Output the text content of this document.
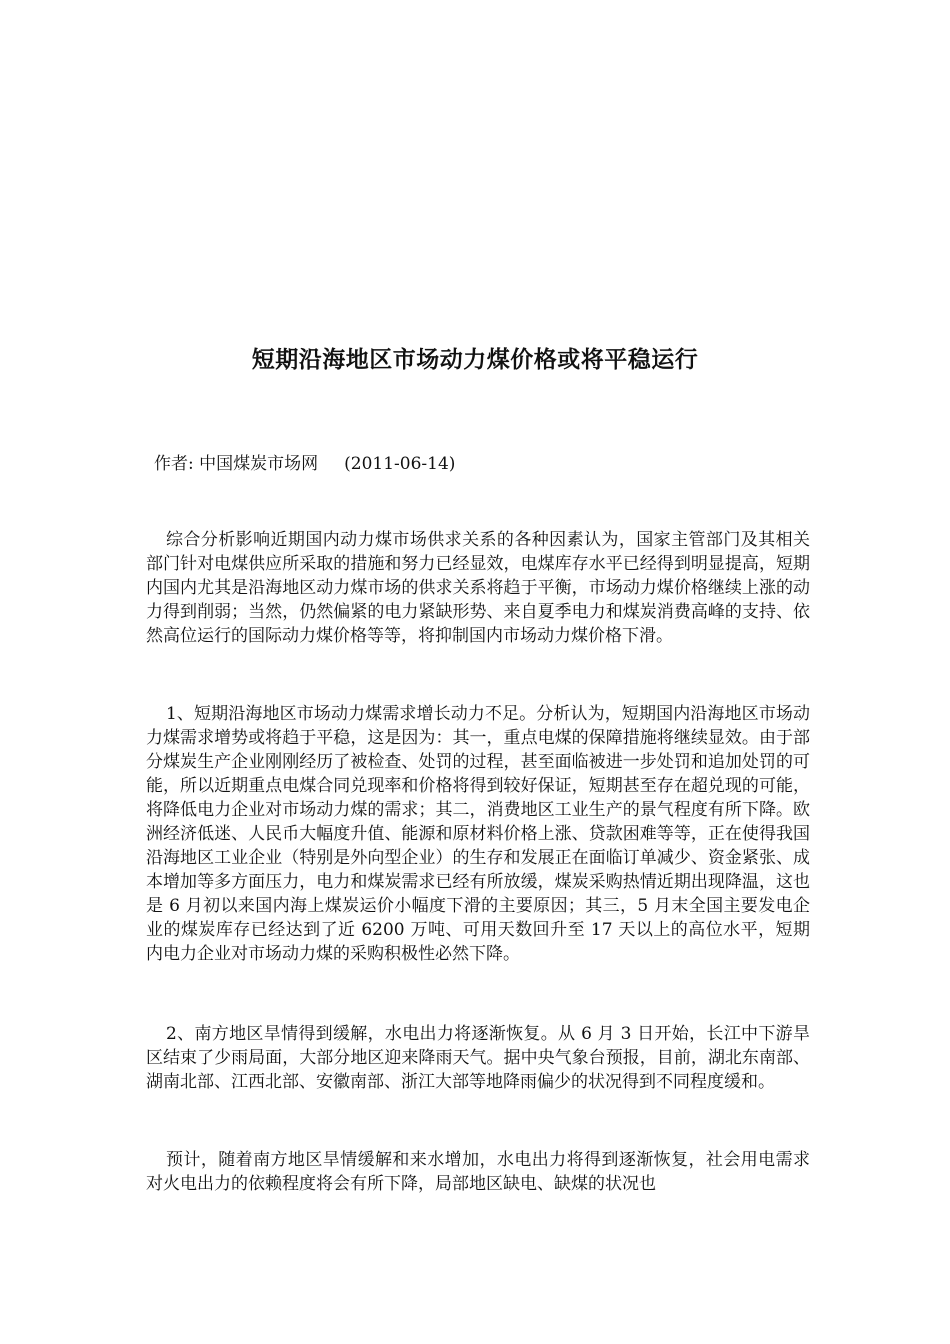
短期沿海地区市场动力煤价格或将平稳运行
作者: 中国煤炭市场网 (2011-06-14)

综合分析影响近期国内动力煤市场供求关系的各种因素认为，国家主管部门及其相关部门针对电煤供应所采取的措施和努力已经显效，电煤库存水平已经得到明显提高，短期内国内尤其是沿海地区动力煤市场的供求关系将趋于平衡，市场动力煤价格继续上涨的动力得到削弱；当然，仍然偏紧的电力紧缺形势、来自夏季电力和煤炭消费高峰的支持、依然高位运行的国际动力煤价格等等，将抑制国内市场动力煤价格下滑。

1、短期沿海地区市场动力煤需求增长动力不足。分析认为，短期国内沿海地区市场动力煤需求增势或将趋于平稳，这是因为：其一，重点电煤的保障措施将继续显效。由于部分煤炭生产企业刚刚经历了被检查、处罚的过程，甚至面临被进一步处罚和追加处罚的可能，所以近期重点电煤合同兑现率和价格将得到较好保证，短期甚至存在超兑现的可能，将降低电力企业对市场动力煤的需求；其二，消费地区工业生产的景气程度有所下降。欧洲经济低迷、人民币大幅度升值、能源和原材料价格上涨、贷款困难等等，正在使得我国沿海地区工业企业（特别是外向型企业）的生存和发展正在面临订单减少、资金紧张、成本增加等多方面压力，电力和煤炭需求已经有所放缓，煤炭采购热情近期出现降温，这也是 6 月初以来国内海上煤炭运价小幅度下滑的主要原因；其三，5 月末全国主要发电企业的煤炭库存已经达到了近 6200 万吨、可用天数回升至 17 天以上的高位水平，短期内电力企业对市场动力煤的采购积极性必然下降。

2、南方地区旱情得到缓解，水电出力将逐渐恢复。从 6 月 3 日开始，长江中下游旱区结束了少雨局面，大部分地区迎来降雨天气。据中央气象台预报，目前，湖北东南部、湖南北部、江西北部、安徽南部、浙江大部等地降雨偏少的状况得到不同程度缓和。

预计，随着南方地区旱情缓解和来水增加，水电出力将得到逐渐恢复，社会用电需求对火电出力的依赖程度将会有所下降，局部地区缺电、缺煤的状况也
